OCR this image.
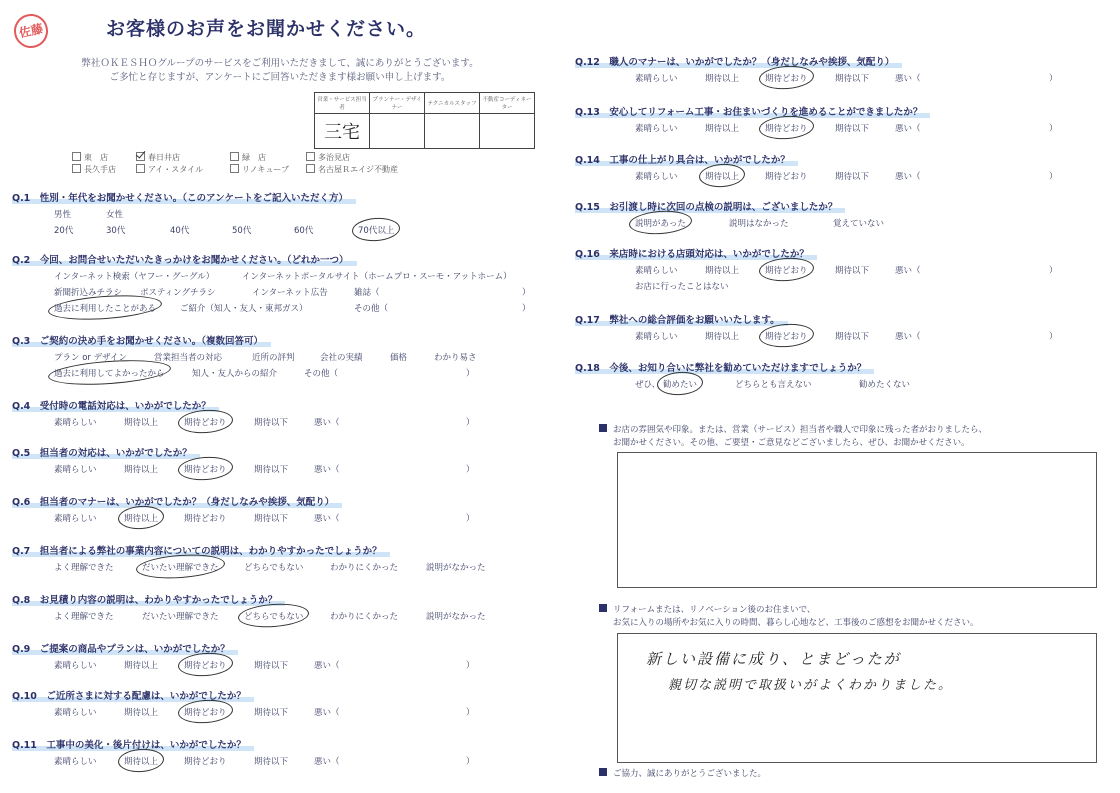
佐藤	お客様のお声をお聞かせください。
弊社ＯＫＥＳＨＯグループのサービスをご利用いただきまして、誠にありがとうございます。
ご多忙と存じますが、アンケートにご回答いただきます様お願い申し上げます。
営業・サービス担当者	プランナー・デザイナー	テクニカルスタッフ	不動産コーディネーター
三宅			
東　店	春日井店	緑　店	多治見店
長久手店	アイ・スタイル	リノキューブ	名古屋Ｒエイジ不動産
Q.1　性別・年代をお聞かせください。（このアンケートをご記入いただく方）
男性	女性
20代	30代	40代	50代	60代	70代以上
Q.2　今回、お問合せいただいたきっかけをお聞かせください。（どれか一つ）
インターネット検索（ヤフー・グーグル）	インターネットポータルサイト（ホームプロ・スーモ・アットホーム）
新聞折込みチラシ ポスティングチラシ	インターネット広告	雑誌（	）
過去に利用したことがある	ご紹介（知人・友人・東邦ガス）	その他（	）
Q.3　ご契約の決め手をお聞かせください。（複数回答可）
プラン or デザイン	営業担当者の対応	近所の評判	会社の実績	価格	わかり易さ
過去に利用してよかったから	知人・友人からの紹介	その他（	）
Q.4　受付時の電話対応は、いかがでしたか？
素晴らしい	期待以上	期待どおり	期待以下	悪い（	）
Q.5　担当者の対応は、いかがでしたか？
素晴らしい	期待以上	期待どおり	期待以下	悪い（	）
Q.6　担当者のマナーは、いかがでしたか？（身だしなみや挨拶、気配り）
素晴らしい	期待以上	期待どおり	期待以下	悪い（	）
Q.7　担当者による弊社の事業内容についての説明は、わかりやすかったでしょうか？
よく理解できた	だいたい理解できた	どちらでもない	わかりにくかった	説明がなかった
Q.8　お見積り内容の説明は、わかりやすかったでしょうか？
よく理解できた	だいたい理解できた	どちらでもない	わかりにくかった	説明がなかった
Q.9　ご提案の商品やプランは、いかがでしたか？
素晴らしい	期待以上	期待どおり	期待以下	悪い（	）
Q.10　ご近所さまに対する配慮は、いかがでしたか？
素晴らしい	期待以上	期待どおり	期待以下	悪い（	）
Q.11　工事中の美化・後片付けは、いかがでしたか？
素晴らしい	期待以上	期待どおり	期待以下	悪い（	）
Q.12　職人のマナーは、いかがでしたか？（身だしなみや挨拶、気配り）
素晴らしい	期待以上	期待どおり	期待以下	悪い（	）
Q.13　安心してリフォーム工事・お住まいづくりを進めることができましたか？
素晴らしい	期待以上	期待どおり	期待以下	悪い（	）
Q.14　工事の仕上がり具合は、いかがでしたか？
素晴らしい	期待以上	期待どおり	期待以下	悪い（	）
Q.15　お引渡し時に次回の点検の説明は、ございましたか？
説明があった	説明はなかった	覚えていない
Q.16　来店時における店頭対応は、いかがでしたか？
素晴らしい	期待以上	期待どおり	期待以下	悪い（	）
お店に行ったことはない
Q.17　弊社への総合評価をお願いいたします。
素晴らしい	期待以上	期待どおり	期待以下	悪い（	）
Q.18　今後、お知り合いに弊社を勧めていただけますでしょうか？
ぜひ、 勧めたい	どちらとも言えない	勧めたくない
お店の雰囲気や印象。または、営業（サービス）担当者や職人で印象に残った者がおりましたら、
お聞かせください。その他、ご要望・ご意見などございましたら、ぜひ、お聞かせください。
リフォームまたは、リノベーション後のお住まいで、
お気に入りの場所やお気に入りの時間、暮らし心地など、工事後のご感想をお聞かせください。
新しい設備に成り、とまどったが
親切な説明で取扱いがよくわかりました。
ご協力、誠にありがとうございました。
